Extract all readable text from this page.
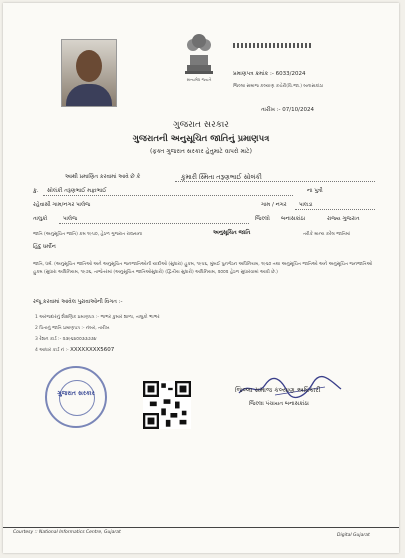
સત્યમેવ જયતે
પ્રમાણપત્ર ક્રમાંક :- 6033/2024
જિલ્લા સમાજ કલ્યાણ કચેરી(વિ.જા.) બનાસકાંઠા
તારીખ :- 07/10/2024
ગુજરાત સરકાર
ગુજરાતની અનુસૂચિત જાતિનું પ્રમાણપત્ર
(ફક્ત ગુજરાત સરકાર હેતુમાટે વાપરો માટે)
આથી પ્રમાણિત કરવામાં આવે છે કે	કુમારી સ્મિતા તરૂણભાઈ સોલંકી
કુ. સોલંકી તરૂણભાઈ મફાભાઈ	ના પુત્રી
રહેવાસી ગામ/નગર પાલેજ	ગામ / નગર પાલડા
તાલુકો	પાલેજ	જિલ્લો બનાસકાંઠા	રાજ્ય ગુજરાત
જાતિ (અનુસૂચિત જાતિ) ક્રમ ૧૯૫૦, હેઠળ ગુજરાત રાજ્યના	અનુસૂચિત જાતિ	તરીકે માન્ય કરેલ જાતિમાં
હિંદુ ધર્મીન
જાતિ, ધર્મ. (અનુસૂચિત જાતિઓ અને અનુસૂચિત જનજાતિઓની યાદીઓ (સુધારા) હુકમ, ૧૯૫૬, મુંબઈ પુનર્ગઠન અધિનિયમ, ૧૯૬૦ તથા અનુસૂચિત જાતિઓ અને અનુસૂચિત જનજાતિઓ હુકમ (સુધારા અધિનિયમ, ૧૯૭૬, તાજેતરમાં (અનુસૂચિત જાતિઓસુધારો) (દ્વિતીય સુધારો) અધિનિયમ, ૨૦૦૨ હેઠળ સુધારવામાં આવી છે.)
રજૂ કરવામાં આવેલ પુરાવાઓની વિગત :-
1 અરજદારનું શૈક્ષણિક પ્રમાણપત્ર :- ભાભર કુમાર શાળા, તાલુકો ભાભર
2 પિતાનું જાતિ પ્રમાણપત્ર :- નંબર, તારીખ
3 રેશન કાર્ડ :- ૨૩૯૬૪૦૦૩૩૭૩૪
4 આધાર કાર્ડ નં :- XXXXXXXX5607
ગુજરાત સરકાર	જિલ્લા સમાજ કલ્યાણ અધિકારી
જિલ્લા પંચાયત બનાસકાંઠા
Courtesy :: National Informatics Centre, Gujarat
Digital Gujarat
